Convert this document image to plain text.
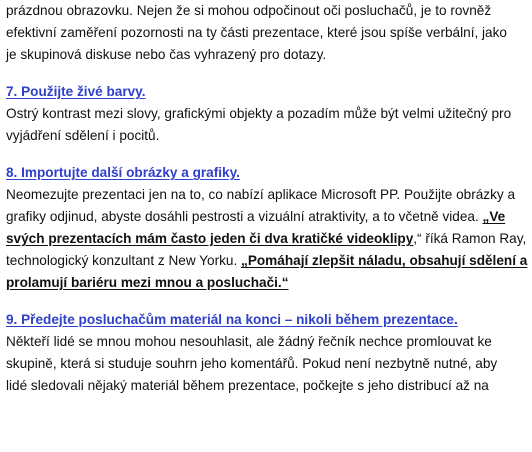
prázdnou obrazovku. Nejen že si mohou odpočinout oči posluchačů, je to rovněž
efektivní zaměření pozornosti na ty části prezentace, které jsou spíše verbální, jako
je skupinová diskuse nebo čas vyhrazený pro dotazy.
7. Použijte živé barvy.
Ostrý kontrast mezi slovy, grafickými objekty a pozadím může být velmi užitečný pro
vyjádření sdělení i pocitů.
8. Importujte další obrázky a grafiky.
Neomezujte prezentaci jen na to, co nabízí aplikace Microsoft PP. Použijte obrázky a
grafiky odjinud, abyste dosáhli pestrosti a vizuální atraktivity, a to včetně videa. „Ve
svých prezentacích mám často jeden či dva kratičké videoklipy,“ říká Ramon Ray,
technologický konzultant z New Yorku. „Pomáhají zlepšit náladu, obsahují sdělení a
prolamují bariéru mezi mnou a posluchači.“
9. Předejte posluchačům materiál na konci – nikoli během prezentace.
Někteří lidé se mnou mohou nesouhlasit, ale žádný řečník nechce promlouvat ke
skupině, která si studuje souhrn jeho komentářů. Pokud není nezbytně nutné, aby
lidé sledovali nějaký materiál během prezentace, počkejte s jeho distribucí až na
